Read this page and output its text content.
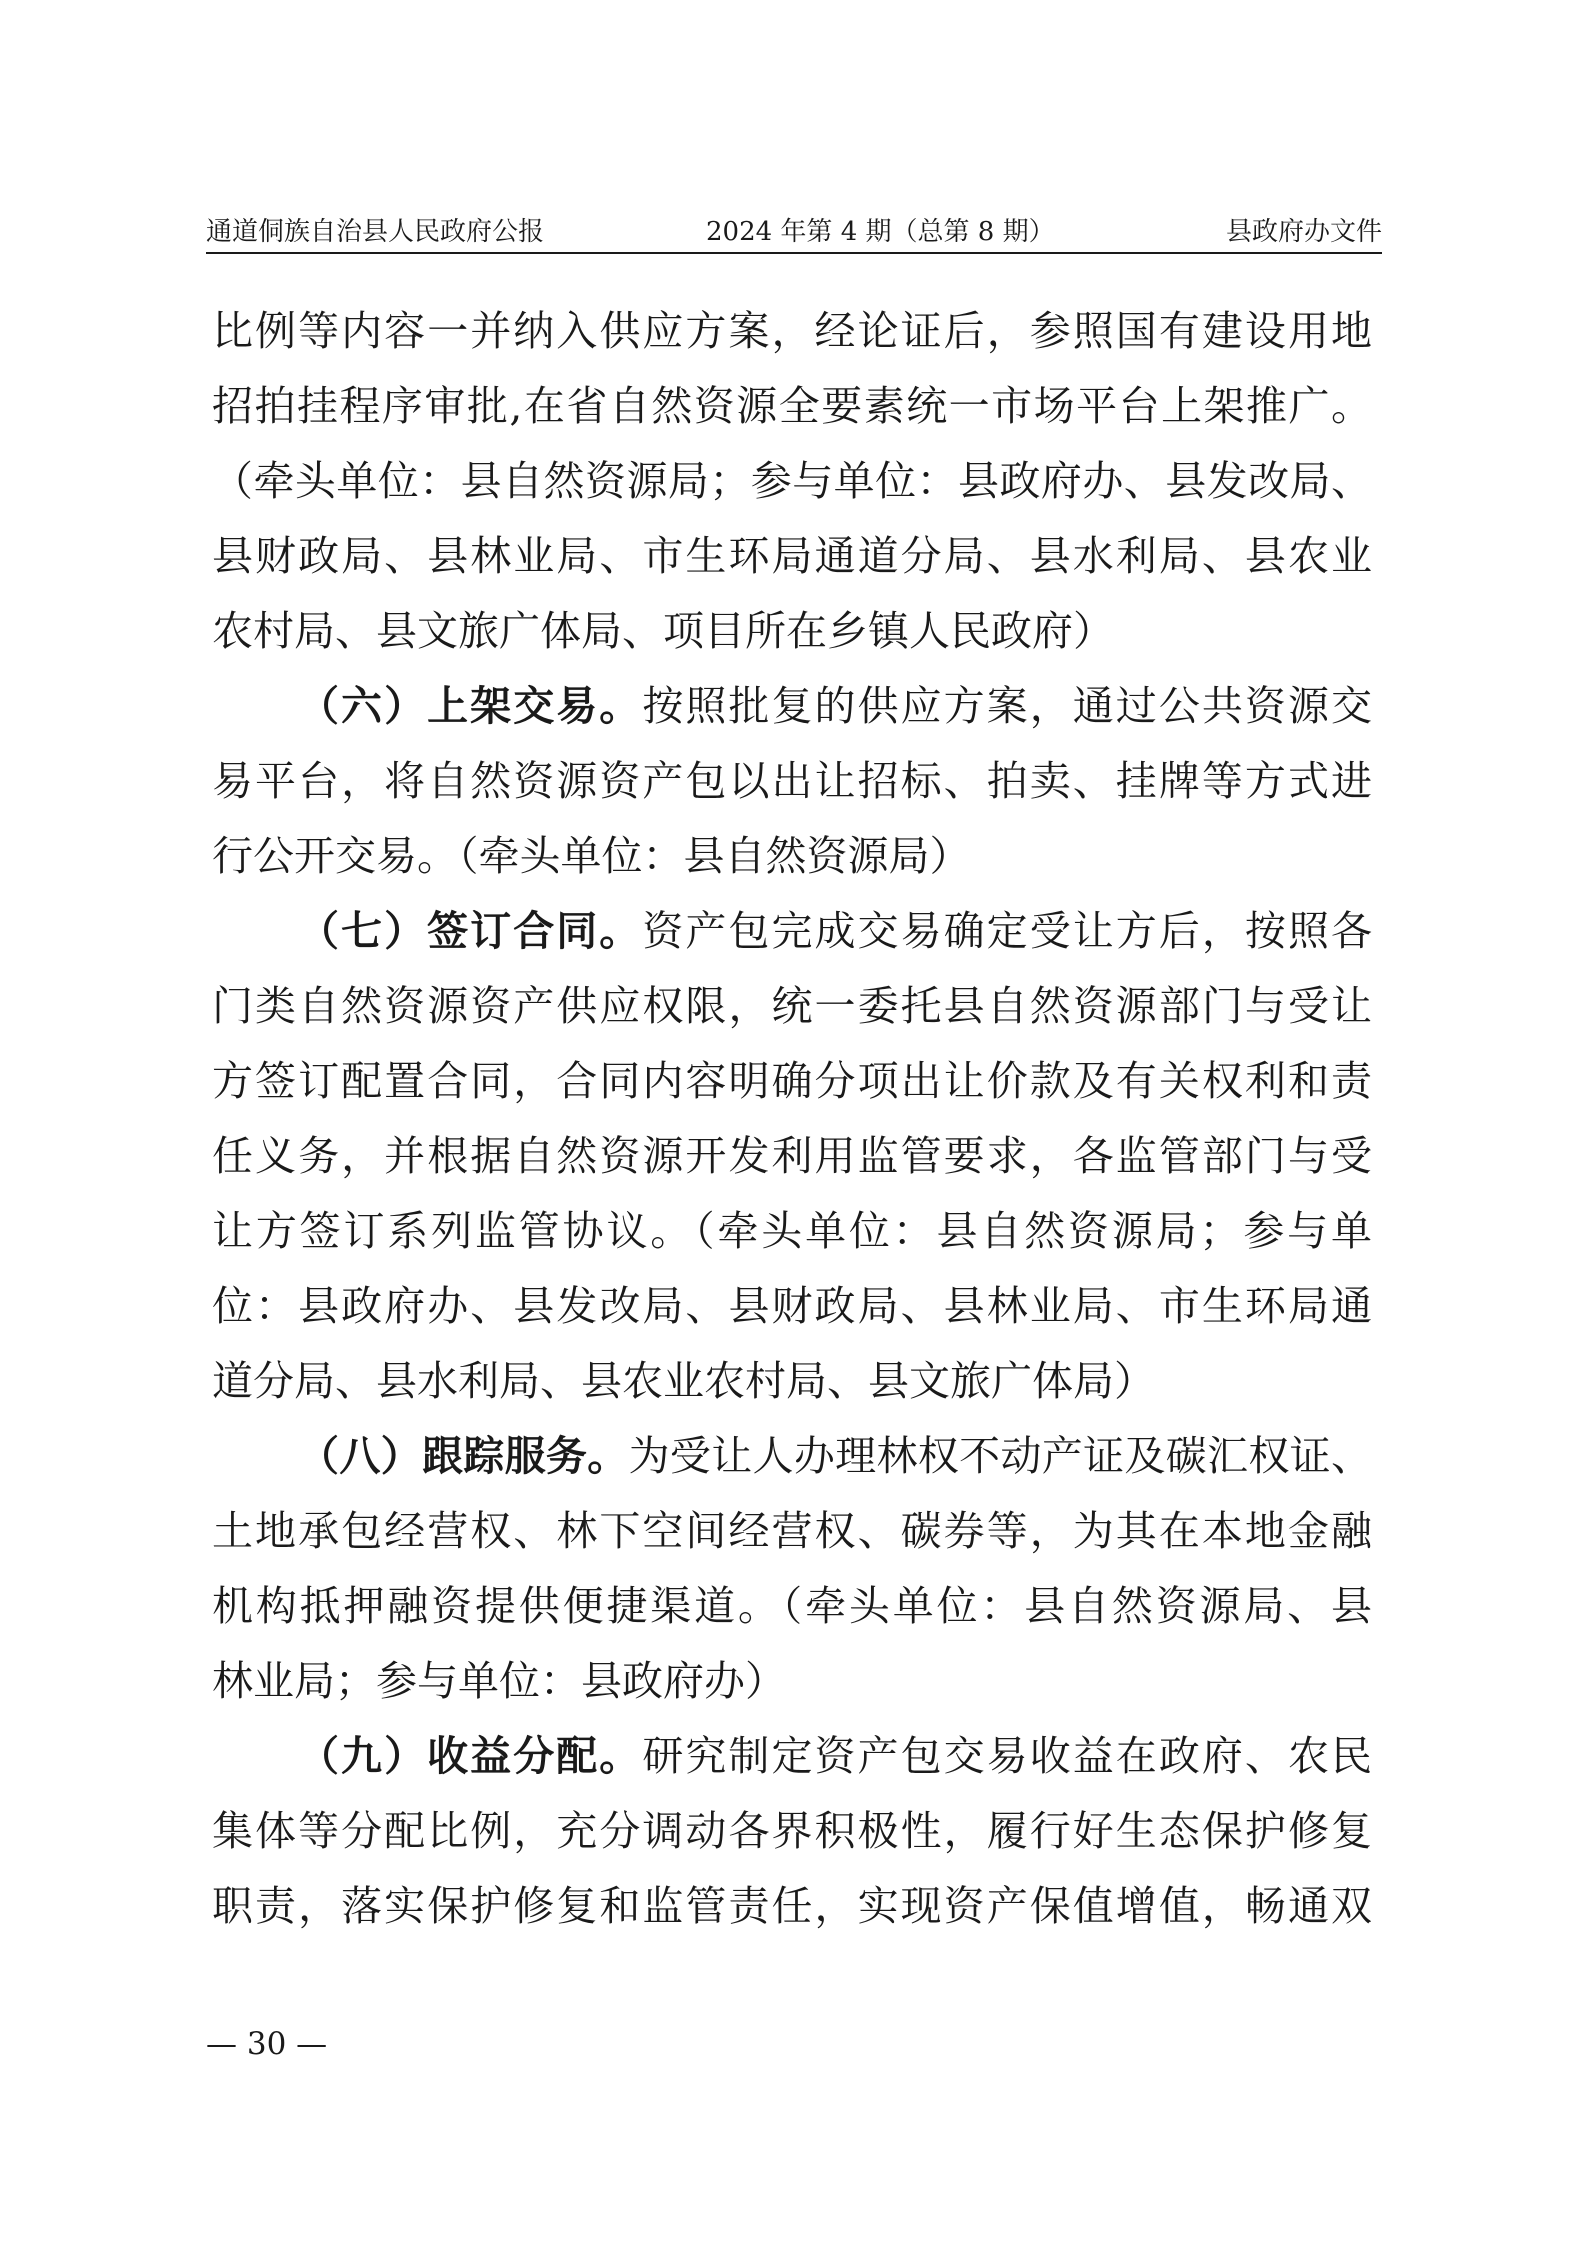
通道侗族自治县人民政府公报	2024 年第 4 期（总第 8 期）	县政府办文件
比例等内容一并纳入供应方案，经论证后，参照国有建设用地
招拍挂程序审批,在省自然资源全要素统一市场平台上架推广。
（牵头单位：县自然资源局；参与单位：县政府办、县发改局、
县财政局、县林业局、市生环局通道分局、县水利局、县农业
农村局、县文旅广体局、项目所在乡镇人民政府）
（六）上架交易。按照批复的供应方案，通过公共资源交
易平台，将自然资源资产包以出让招标、拍卖、挂牌等方式进
行公开交易。（牵头单位：县自然资源局）
（七）签订合同。资产包完成交易确定受让方后，按照各
门类自然资源资产供应权限，统一委托县自然资源部门与受让
方签订配置合同，合同内容明确分项出让价款及有关权利和责
任义务，并根据自然资源开发利用监管要求，各监管部门与受
让方签订系列监管协议。（牵头单位：县自然资源局；参与单
位：县政府办、县发改局、县财政局、县林业局、市生环局通
道分局、县水利局、县农业农村局、县文旅广体局）
（八）跟踪服务。为受让人办理林权不动产证及碳汇权证、
土地承包经营权、林下空间经营权、碳券等，为其在本地金融
机构抵押融资提供便捷渠道。（牵头单位：县自然资源局、县
林业局；参与单位：县政府办）
（九）收益分配。研究制定资产包交易收益在政府、农民
集体等分配比例，充分调动各界积极性，履行好生态保护修复
职责，落实保护修复和监管责任，实现资产保值增值，畅通双
— 30 —
